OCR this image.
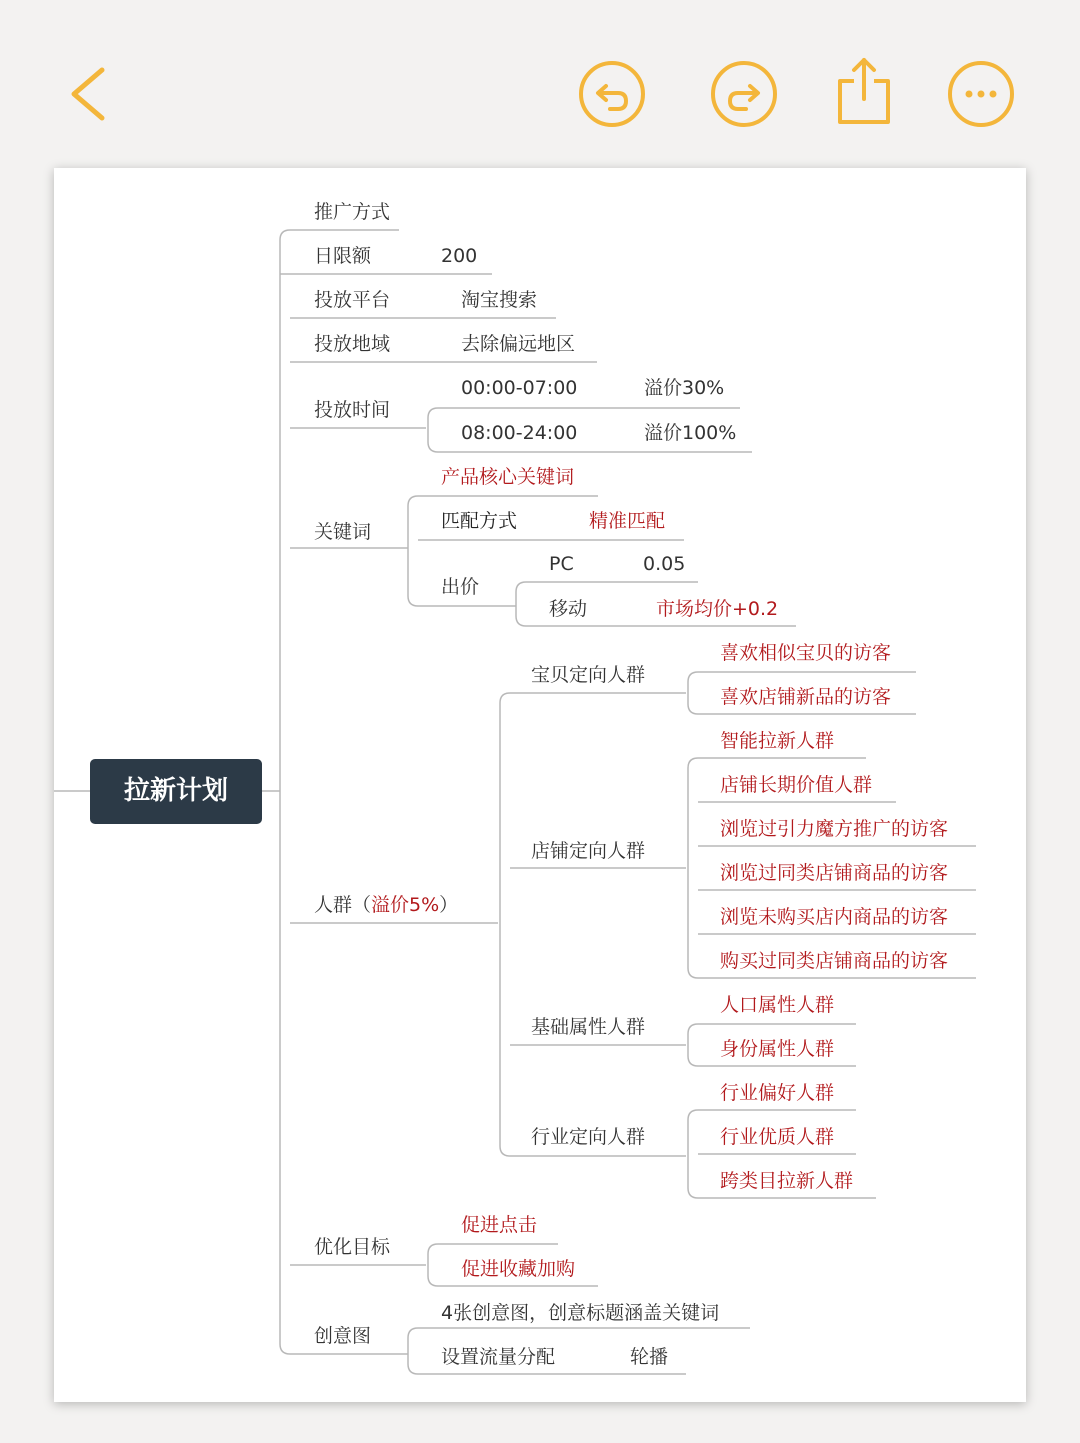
拉新计划
推广方式
日限额	200
投放平台	淘宝搜索
投放地域	去除偏远地区
投放时间
00:00-07:00	溢价30%
08:00-24:00	溢价100%
关键词
产品核心关键词
匹配方式	精准匹配
出价
PC	0.05
移动	市场均价+0.2
人群（溢价5%）
宝贝定向人群
喜欢相似宝贝的访客
喜欢店铺新品的访客
店铺定向人群
智能拉新人群
店铺长期价值人群
浏览过引力魔方推广的访客
浏览过同类店铺商品的访客
浏览未购买店内商品的访客
购买过同类店铺商品的访客
基础属性人群
人口属性人群
身份属性人群
行业定向人群
行业偏好人群
行业优质人群
跨类目拉新人群
优化目标
促进点击
促进收藏加购
创意图
4张创意图，创意标题涵盖关键词
设置流量分配	轮播
